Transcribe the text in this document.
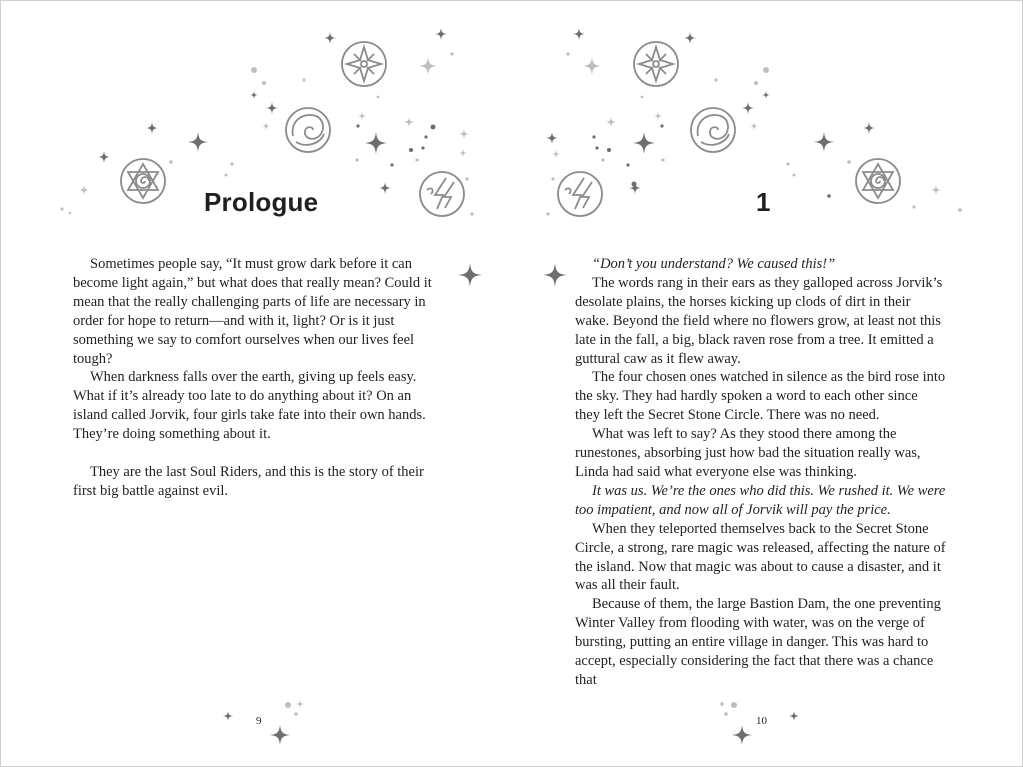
Prologue

Sometimes people say, “It must grow dark before it can become light again,” but what does that really mean? Could it mean that the really challenging parts of life are necessary in order for hope to return—and with it, light? Or is it just something we say to comfort ourselves when our lives feel tough?

When darkness falls over the earth, giving up feels easy. What if it’s already too late to do anything about it? On an island called Jorvik, four girls take fate into their own hands. They’re doing something about it.

They are the last Soul Riders, and this is the story of their first big battle against evil.

9
1

“Don’t you understand? We caused this!”

The words rang in their ears as they galloped across Jorvik’s desolate plains, the horses kicking up clods of dirt in their wake. Beyond the field where no flowers grow, at least not this late in the fall, a big, black raven rose from a tree. It emitted a guttural caw as it flew away.

The four chosen ones watched in silence as the bird rose into the sky. They had hardly spoken a word to each other since they left the Secret Stone Circle. There was no need.

What was left to say? As they stood there among the runestones, absorbing just how bad the situation really was, Linda had said what everyone else was thinking.

It was us. We’re the ones who did this. We rushed it. We were too impatient, and now all of Jorvik will pay the price.

When they teleported themselves back to the Secret Stone Circle, a strong, rare magic was released, affecting the nature of the island. Now that magic was about to cause a disaster, and it was all their fault.

Because of them, the large Bastion Dam, the one preventing Winter Valley from flooding with water, was on the verge of bursting, putting an entire village in danger. This was hard to accept, especially considering the fact that there was a chance that

10
